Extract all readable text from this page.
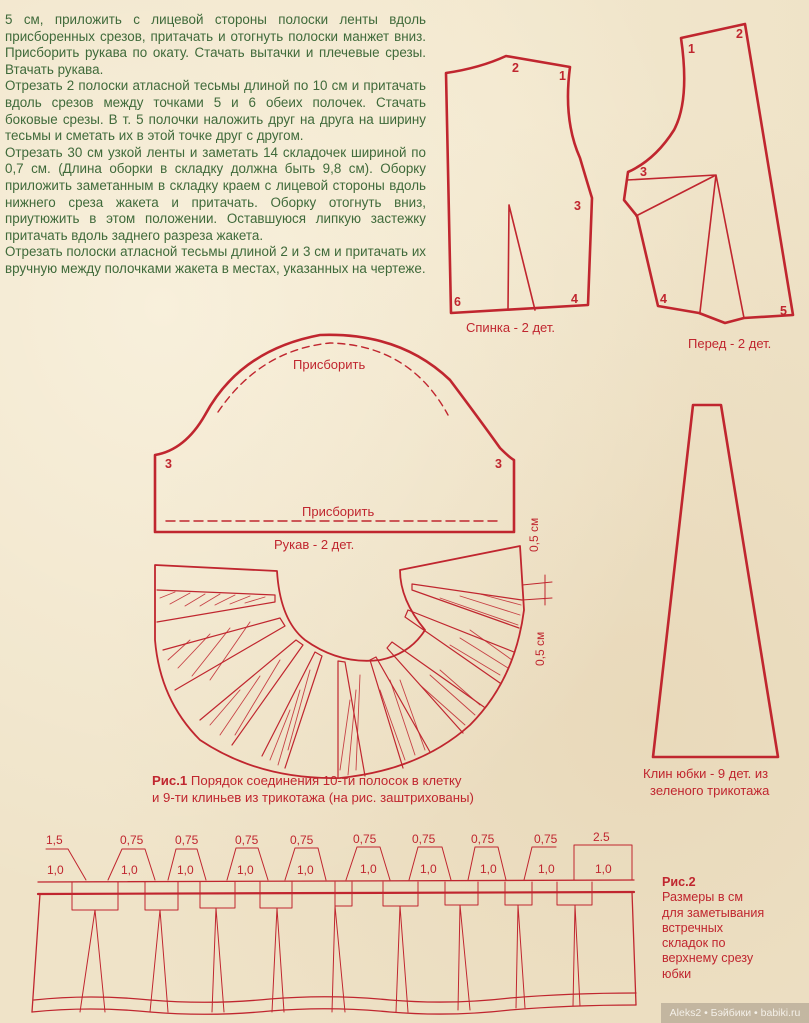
5 см, приложить с лицевой стороны полоски ленты вдоль присборенных срезов, притачать и отогнуть полоски манжет вниз. Присборить рукава по окату. Стачать вытачки и плечевые срезы. Втачать рукава.

Отрезать 2 полоски атласной тесьмы длиной по 10 см и притачать вдоль срезов между точками 5 и 6 обеих полочек. Стачать боковые срезы. В т. 5 полочки наложить друг на друга на ширину тесьмы и сметать их в этой точке друг с другом.

Отрезать 30 см узкой ленты и заметать 14 складочек шириной по 0,7 см. (Длина оборки в складку должна быть 9,8 см). Оборку приложить заметанным в складку краем с лицевой стороны вдоль нижнего среза жакета и притачать. Оборку отогнуть вниз, приутюжить в этом положении. Оставшуюся липкую застежку притачать вдоль заднего разреза жакета.

Отрезать полоски атласной тесьмы длиной 2 и 3 см и притачать их вручную между полочками жакета в местах, указанных на чертеже.

2
1
3
4
6
Спинка - 2 дет.
1
2
3
4
5
Перед - 2 дет.
Присборить
3	3
Присборить
Рукав - 2 дет.
Клин юбки - 9 дет. из
зеленого трикотажа
0,5 см
0,5 см
Рис.1 Порядок соединения 10-ти полосок в клетку
и 9-ти клиньев из трикотажа (на рис. заштрихованы)
1,5	0,75	0,75	0,75	0,75	0,75	0,75	0,75	0,75	2.5
1,0	1,0	1,0	1,0	1,0	1,0	1,0	1,0	1,0	1,0
Рис.2
Размеры в см
для заметывания
встречных
складок по
верхнему срезу
юбки
Aleks2 • Бэйбики • babiki.ru
